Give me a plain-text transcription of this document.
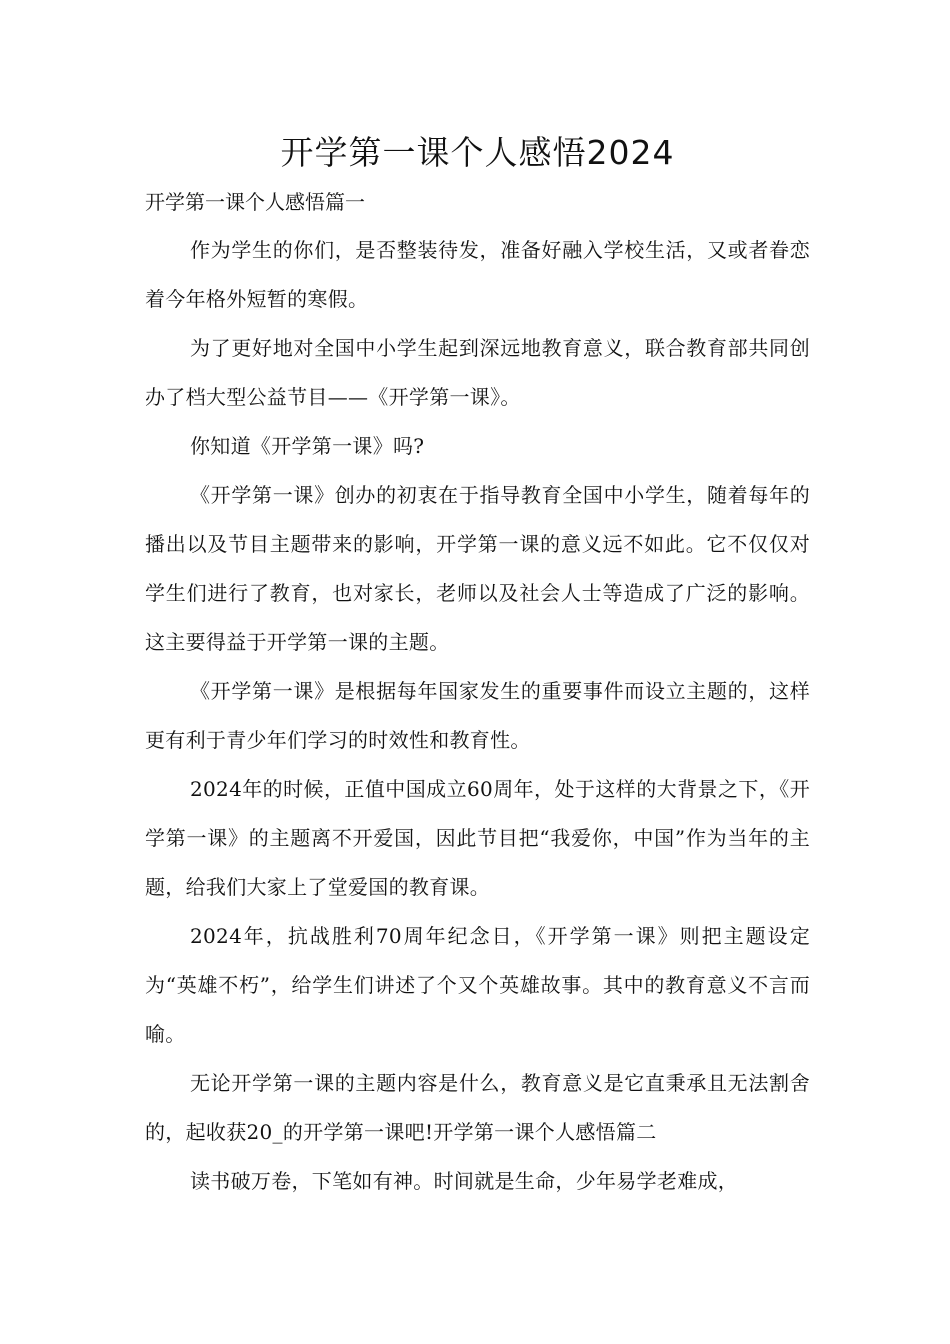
开学第一课个人感悟2024
开学第一课个人感悟篇一

作为学生的你们，是否整装待发，准备好融入学校生活，又或者眷恋着今年格外短暂的寒假。

为了更好地对全国中小学生起到深远地教育意义，联合教育部共同创办了档大型公益节目——《开学第一课》。

你知道《开学第一课》吗?

《开学第一课》创办的初衷在于指导教育全国中小学生，随着每年的播出以及节目主题带来的影响，开学第一课的意义远不如此。它不仅仅对学生们进行了教育，也对家长，老师以及社会人士等造成了广泛的影响。这主要得益于开学第一课的主题。

《开学第一课》是根据每年国家发生的重要事件而设立主题的，这样更有利于青少年们学习的时效性和教育性。

2024年的时候，正值中国成立60周年，处于这样的大背景之下，《开学第一课》的主题离不开爱国，因此节目把“我爱你，中国”作为当年的主题，给我们大家上了堂爱国的教育课。

2024年，抗战胜利70周年纪念日，《开学第一课》则把主题设定为“英雄不朽”，给学生们讲述了个又个英雄故事。其中的教育意义不言而喻。

无论开学第一课的主题内容是什么，教育意义是它直秉承且无法割舍的，起收获20_的开学第一课吧!开学第一课个人感悟篇二

读书破万卷，下笔如有神。时间就是生命，少年易学老难成，
